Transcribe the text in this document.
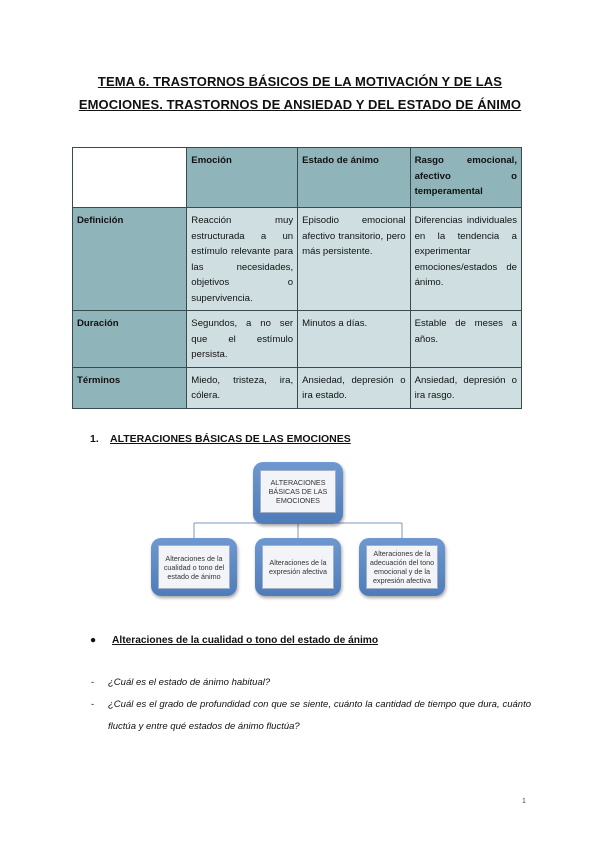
TEMA 6. TRASTORNOS BÁSICOS DE LA MOTIVACIÓN Y DE LAS
EMOCIONES. TRASTORNOS DE ANSIEDAD Y DEL ESTADO DE ÁNIMO
	Emoción	Estado de ánimo	Rasgo emocional, afectivo o temperamental
Definición	Reacción muy estructurada a un estímulo relevante para las necesidades, objetivos o supervivencia.	Episodio emocional afectivo transitorio, pero más persistente.	Diferencias individuales en la tendencia a experimentar emociones/estados de ánimo.
Duración	Segundos, a no ser que el estímulo persista.	Minutos a días.	Estable de meses a años.
Términos	Miedo, tristeza, ira, cólera.	Ansiedad, depresión o ira estado.	Ansiedad, depresión o ira rasgo.
1. ALTERACIONES BÁSICAS DE LAS EMOCIONES
ALTERACIONES BÁSICAS DE LAS EMOCIONES
Alteraciones de la cualidad o tono del estado de ánimo
Alteraciones de la expresión afectiva
Alteraciones de la adecuación del tono emocional y de la expresión afectiva
● Alteraciones de la cualidad o tono del estado de ánimo
- ¿Cuál es el estado de ánimo habitual?
- ¿Cuál es el grado de profundidad con que se siente, cuánto la cantidad de tiempo que dura, cuánto fluctúa y entre qué estados de ánimo fluctúa?
1
